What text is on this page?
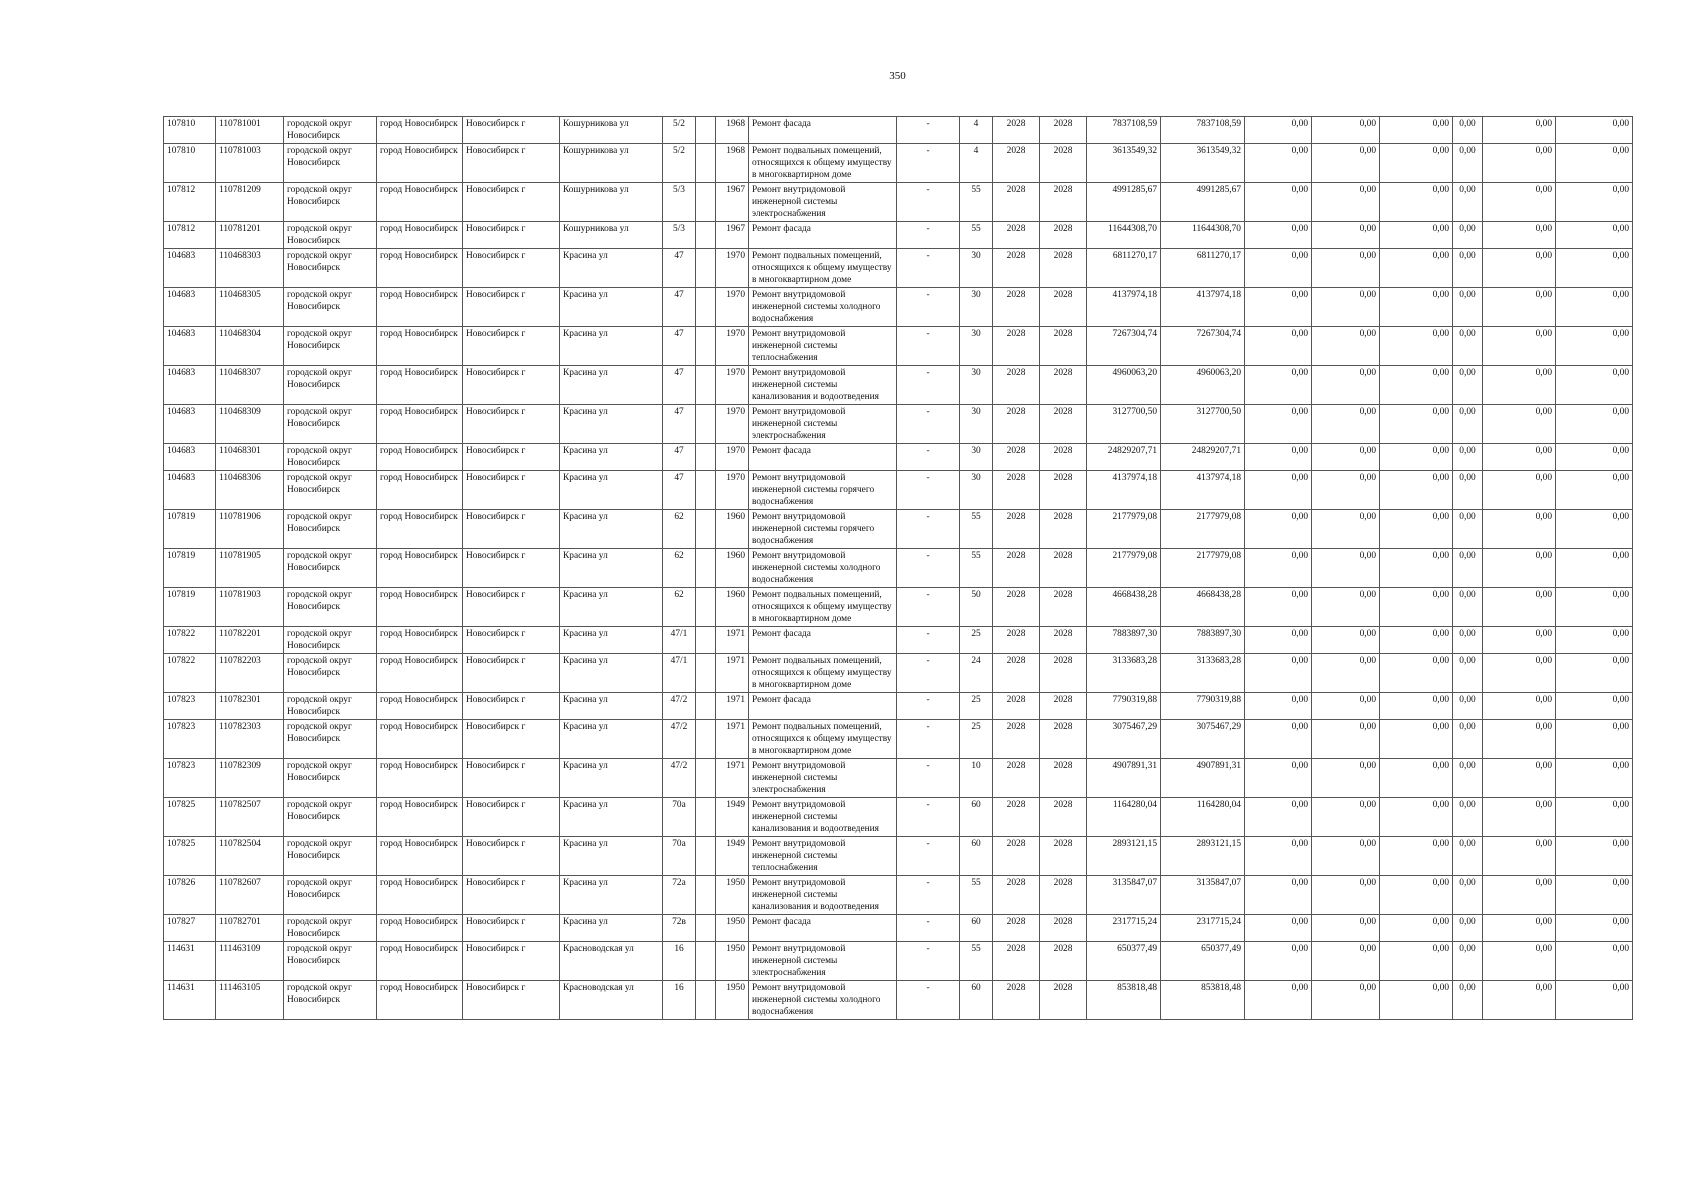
350
107810	110781001	городской округ Новосибирск	город Новосибирск	Новосибирск г	Кошурникова ул	5/2		1968	Ремонт фасада	-	4	2028	2028	7837108,59	7837108,59	0,00	0,00	0,00	0,00	0,00	0,00
107810	110781003	городской округ Новосибирск	город Новосибирск	Новосибирск г	Кошурникова ул	5/2		1968	Ремонт подвальных помещений, относящихся к общему имуществу в многоквартирном доме	-	4	2028	2028	3613549,32	3613549,32	0,00	0,00	0,00	0,00	0,00	0,00
107812	110781209	городской округ Новосибирск	город Новосибирск	Новосибирск г	Кошурникова ул	5/3		1967	Ремонт внутридомовой инженерной системы электроснабжения	-	55	2028	2028	4991285,67	4991285,67	0,00	0,00	0,00	0,00	0,00	0,00
107812	110781201	городской округ Новосибирск	город Новосибирск	Новосибирск г	Кошурникова ул	5/3		1967	Ремонт фасада	-	55	2028	2028	11644308,70	11644308,70	0,00	0,00	0,00	0,00	0,00	0,00
104683	110468303	городской округ Новосибирск	город Новосибирск	Новосибирск г	Красина ул	47		1970	Ремонт подвальных помещений, относящихся к общему имуществу в многоквартирном доме	-	30	2028	2028	6811270,17	6811270,17	0,00	0,00	0,00	0,00	0,00	0,00
104683	110468305	городской округ Новосибирск	город Новосибирск	Новосибирск г	Красина ул	47		1970	Ремонт внутридомовой инженерной системы холодного водоснабжения	-	30	2028	2028	4137974,18	4137974,18	0,00	0,00	0,00	0,00	0,00	0,00
104683	110468304	городской округ Новосибирск	город Новосибирск	Новосибирск г	Красина ул	47		1970	Ремонт внутридомовой инженерной системы теплоснабжения	-	30	2028	2028	7267304,74	7267304,74	0,00	0,00	0,00	0,00	0,00	0,00
104683	110468307	городской округ Новосибирск	город Новосибирск	Новосибирск г	Красина ул	47		1970	Ремонт внутридомовой инженерной системы канализования и водоотведения	-	30	2028	2028	4960063,20	4960063,20	0,00	0,00	0,00	0,00	0,00	0,00
104683	110468309	городской округ Новосибирск	город Новосибирск	Новосибирск г	Красина ул	47		1970	Ремонт внутридомовой инженерной системы электроснабжения	-	30	2028	2028	3127700,50	3127700,50	0,00	0,00	0,00	0,00	0,00	0,00
104683	110468301	городской округ Новосибирск	город Новосибирск	Новосибирск г	Красина ул	47		1970	Ремонт фасада	-	30	2028	2028	24829207,71	24829207,71	0,00	0,00	0,00	0,00	0,00	0,00
104683	110468306	городской округ Новосибирск	город Новосибирск	Новосибирск г	Красина ул	47		1970	Ремонт внутридомовой инженерной системы горячего водоснабжения	-	30	2028	2028	4137974,18	4137974,18	0,00	0,00	0,00	0,00	0,00	0,00
107819	110781906	городской округ Новосибирск	город Новосибирск	Новосибирск г	Красина ул	62		1960	Ремонт внутридомовой инженерной системы горячего водоснабжения	-	55	2028	2028	2177979,08	2177979,08	0,00	0,00	0,00	0,00	0,00	0,00
107819	110781905	городской округ Новосибирск	город Новосибирск	Новосибирск г	Красина ул	62		1960	Ремонт внутридомовой инженерной системы холодного водоснабжения	-	55	2028	2028	2177979,08	2177979,08	0,00	0,00	0,00	0,00	0,00	0,00
107819	110781903	городской округ Новосибирск	город Новосибирск	Новосибирск г	Красина ул	62		1960	Ремонт подвальных помещений, относящихся к общему имуществу в многоквартирном доме	-	50	2028	2028	4668438,28	4668438,28	0,00	0,00	0,00	0,00	0,00	0,00
107822	110782201	городской округ Новосибирск	город Новосибирск	Новосибирск г	Красина ул	47/1		1971	Ремонт фасада	-	25	2028	2028	7883897,30	7883897,30	0,00	0,00	0,00	0,00	0,00	0,00
107822	110782203	городской округ Новосибирск	город Новосибирск	Новосибирск г	Красина ул	47/1		1971	Ремонт подвальных помещений, относящихся к общему имуществу в многоквартирном доме	-	24	2028	2028	3133683,28	3133683,28	0,00	0,00	0,00	0,00	0,00	0,00
107823	110782301	городской округ Новосибирск	город Новосибирск	Новосибирск г	Красина ул	47/2		1971	Ремонт фасада	-	25	2028	2028	7790319,88	7790319,88	0,00	0,00	0,00	0,00	0,00	0,00
107823	110782303	городской округ Новосибирск	город Новосибирск	Новосибирск г	Красина ул	47/2		1971	Ремонт подвальных помещений, относящихся к общему имуществу в многоквартирном доме	-	25	2028	2028	3075467,29	3075467,29	0,00	0,00	0,00	0,00	0,00	0,00
107823	110782309	городской округ Новосибирск	город Новосибирск	Новосибирск г	Красина ул	47/2		1971	Ремонт внутридомовой инженерной системы электроснабжения	-	10	2028	2028	4907891,31	4907891,31	0,00	0,00	0,00	0,00	0,00	0,00
107825	110782507	городской округ Новосибирск	город Новосибирск	Новосибирск г	Красина ул	70а		1949	Ремонт внутридомовой инженерной системы канализования и водоотведения	-	60	2028	2028	1164280,04	1164280,04	0,00	0,00	0,00	0,00	0,00	0,00
107825	110782504	городской округ Новосибирск	город Новосибирск	Новосибирск г	Красина ул	70а		1949	Ремонт внутридомовой инженерной системы теплоснабжения	-	60	2028	2028	2893121,15	2893121,15	0,00	0,00	0,00	0,00	0,00	0,00
107826	110782607	городской округ Новосибирск	город Новосибирск	Новосибирск г	Красина ул	72а		1950	Ремонт внутридомовой инженерной системы канализования и водоотведения	-	55	2028	2028	3135847,07	3135847,07	0,00	0,00	0,00	0,00	0,00	0,00
107827	110782701	городской округ Новосибирск	город Новосибирск	Новосибирск г	Красина ул	72в		1950	Ремонт фасада	-	60	2028	2028	2317715,24	2317715,24	0,00	0,00	0,00	0,00	0,00	0,00
114631	111463109	городской округ Новосибирск	город Новосибирск	Новосибирск г	Красноводская ул	16		1950	Ремонт внутридомовой инженерной системы электроснабжения	-	55	2028	2028	650377,49	650377,49	0,00	0,00	0,00	0,00	0,00	0,00
114631	111463105	городской округ Новосибирск	город Новосибирск	Новосибирск г	Красноводская ул	16		1950	Ремонт внутридомовой инженерной системы холодного водоснабжения	-	60	2028	2028	853818,48	853818,48	0,00	0,00	0,00	0,00	0,00	0,00
